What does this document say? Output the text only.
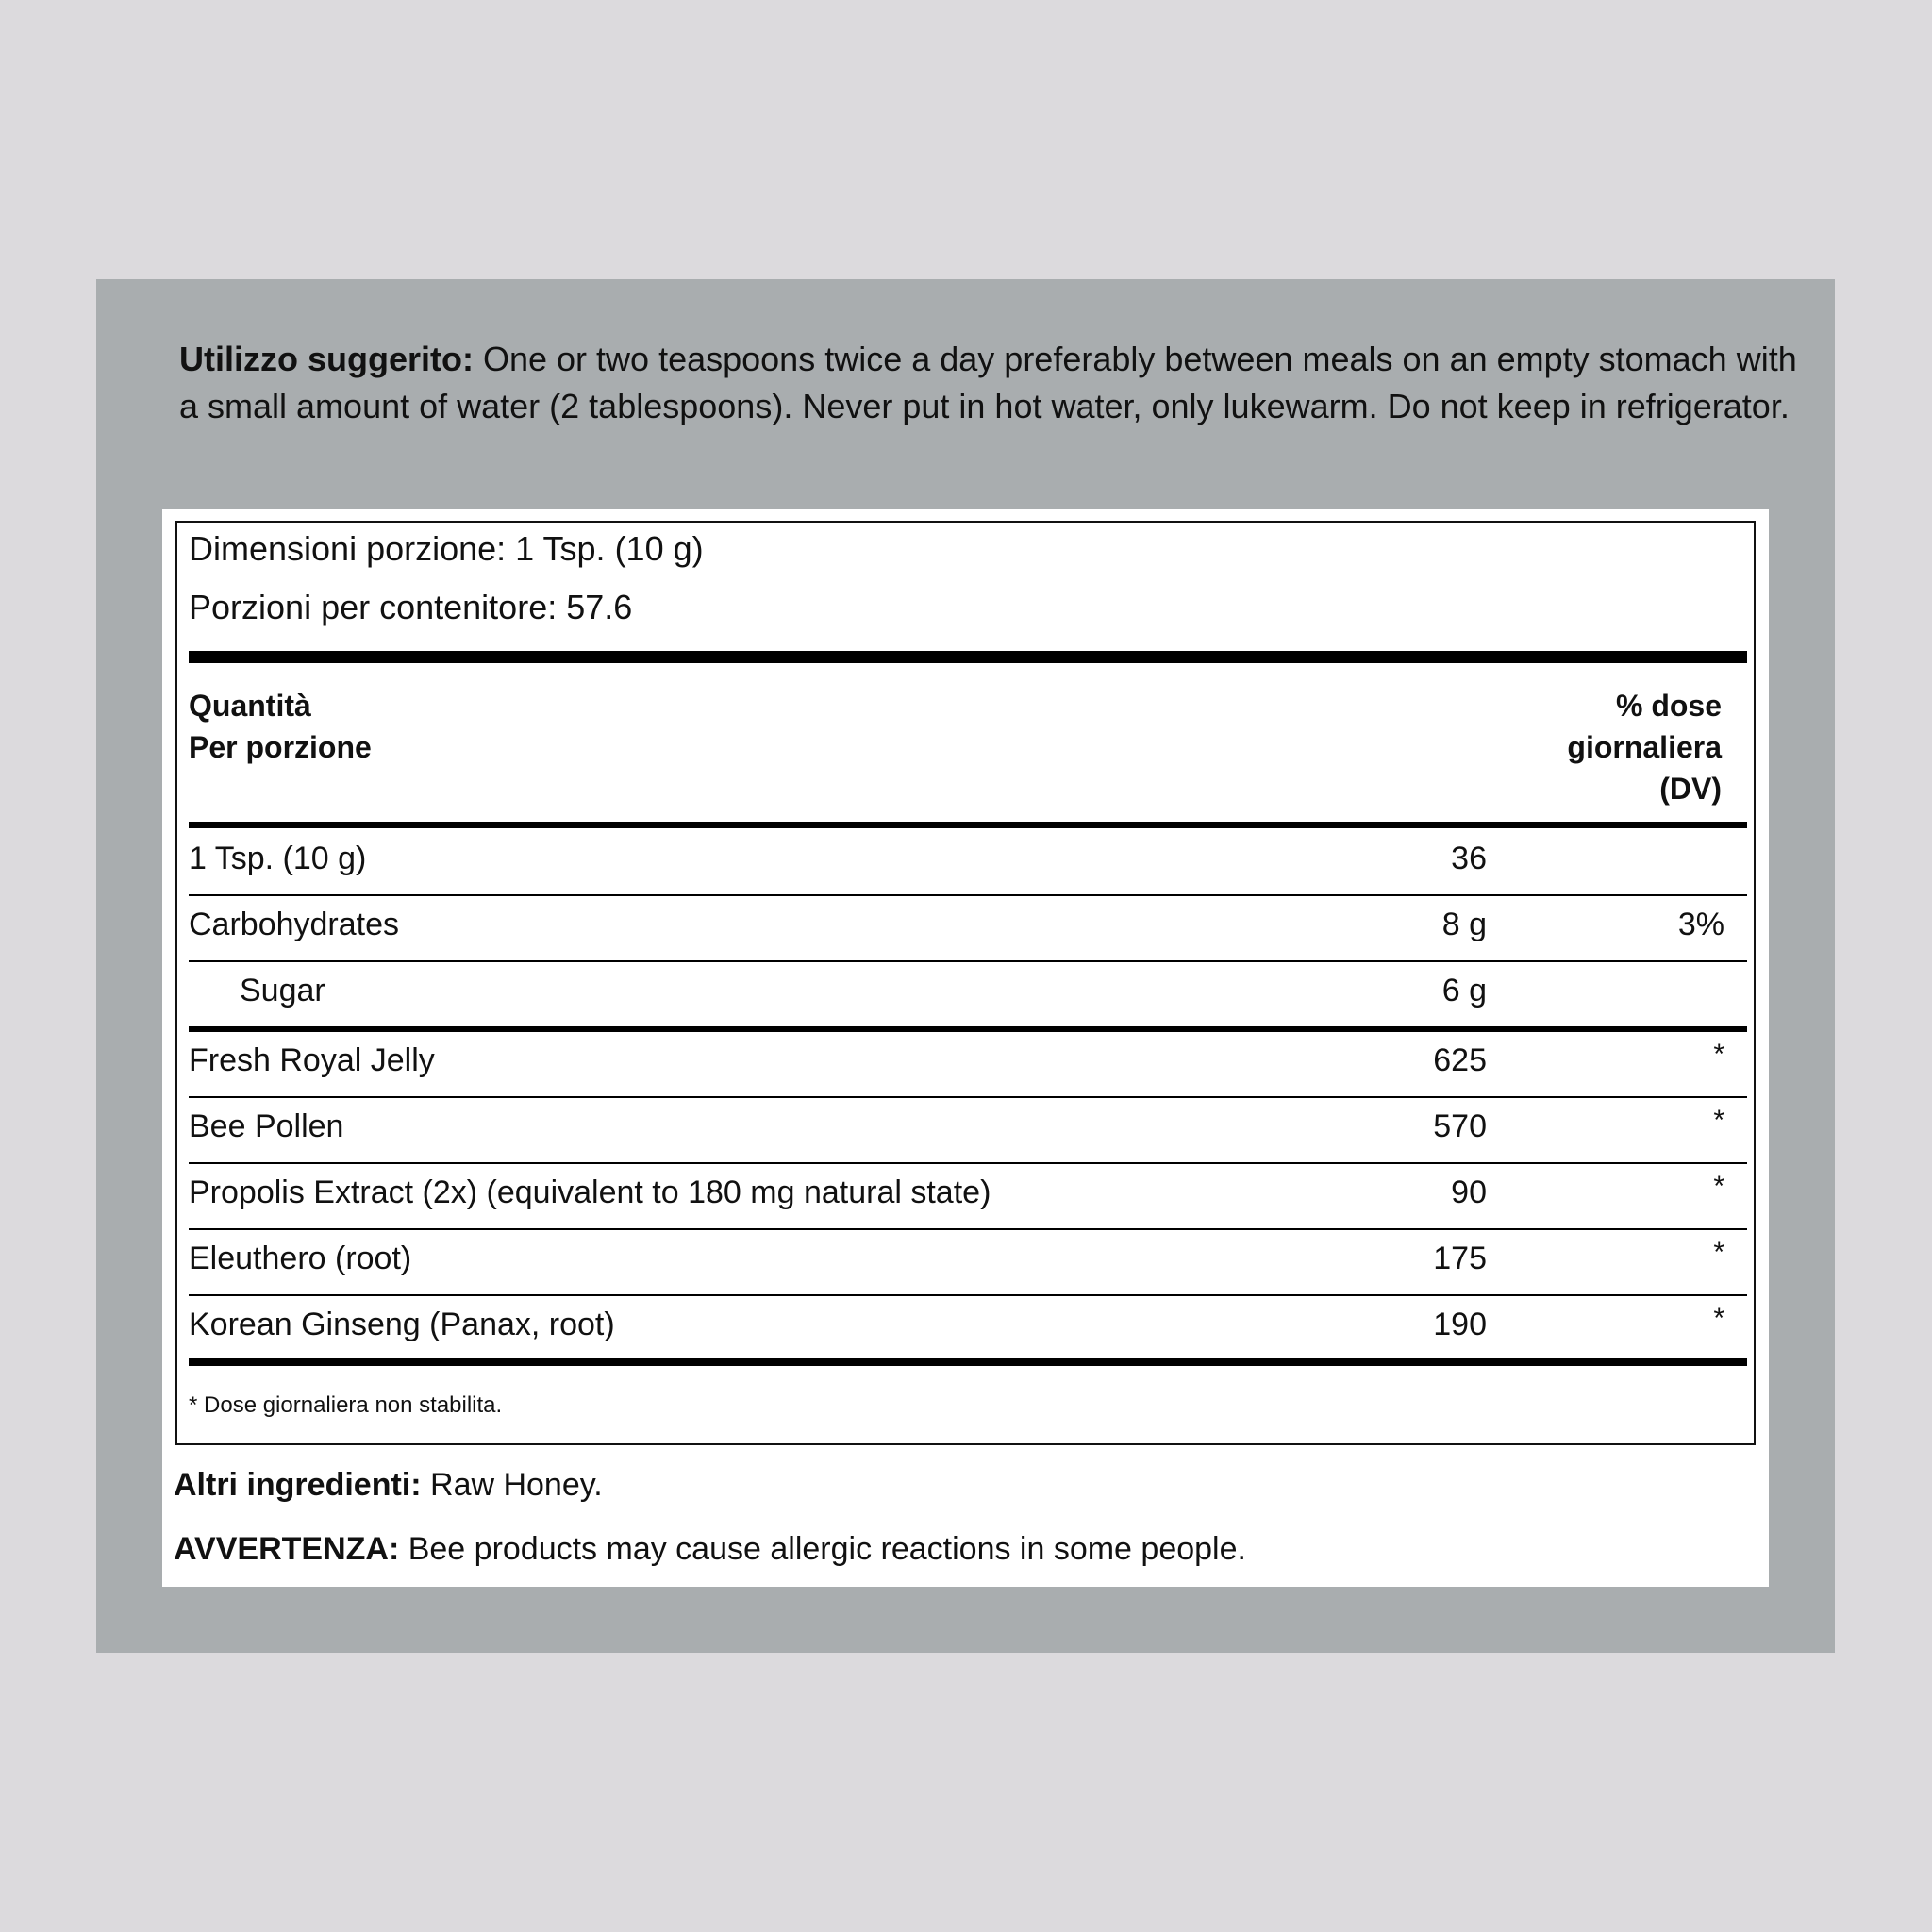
Utilizzo suggerito: One or two teaspoons twice a day preferably between meals on an empty stomach with a small amount of water (2 tablespoons). Never put in hot water, only lukewarm. Do not keep in refrigerator.
Dimensioni porzione: 1 Tsp. (10 g)
Porzioni per contenitore: 57.6
Quantità
Per porzione
% dose
giornaliera
(DV)
1 Tsp. (10 g)	36
Carbohydrates	8 g	3%
Sugar	6 g
Fresh Royal Jelly	625	*
Bee Pollen	570	*
Propolis Extract (2x) (equivalent to 180 mg natural state)	90	*
Eleuthero (root)	175	*
Korean Ginseng (Panax, root)	190	*
* Dose giornaliera non stabilita.
Altri ingredienti: Raw Honey.
AVVERTENZA: Bee products may cause allergic reactions in some people.
